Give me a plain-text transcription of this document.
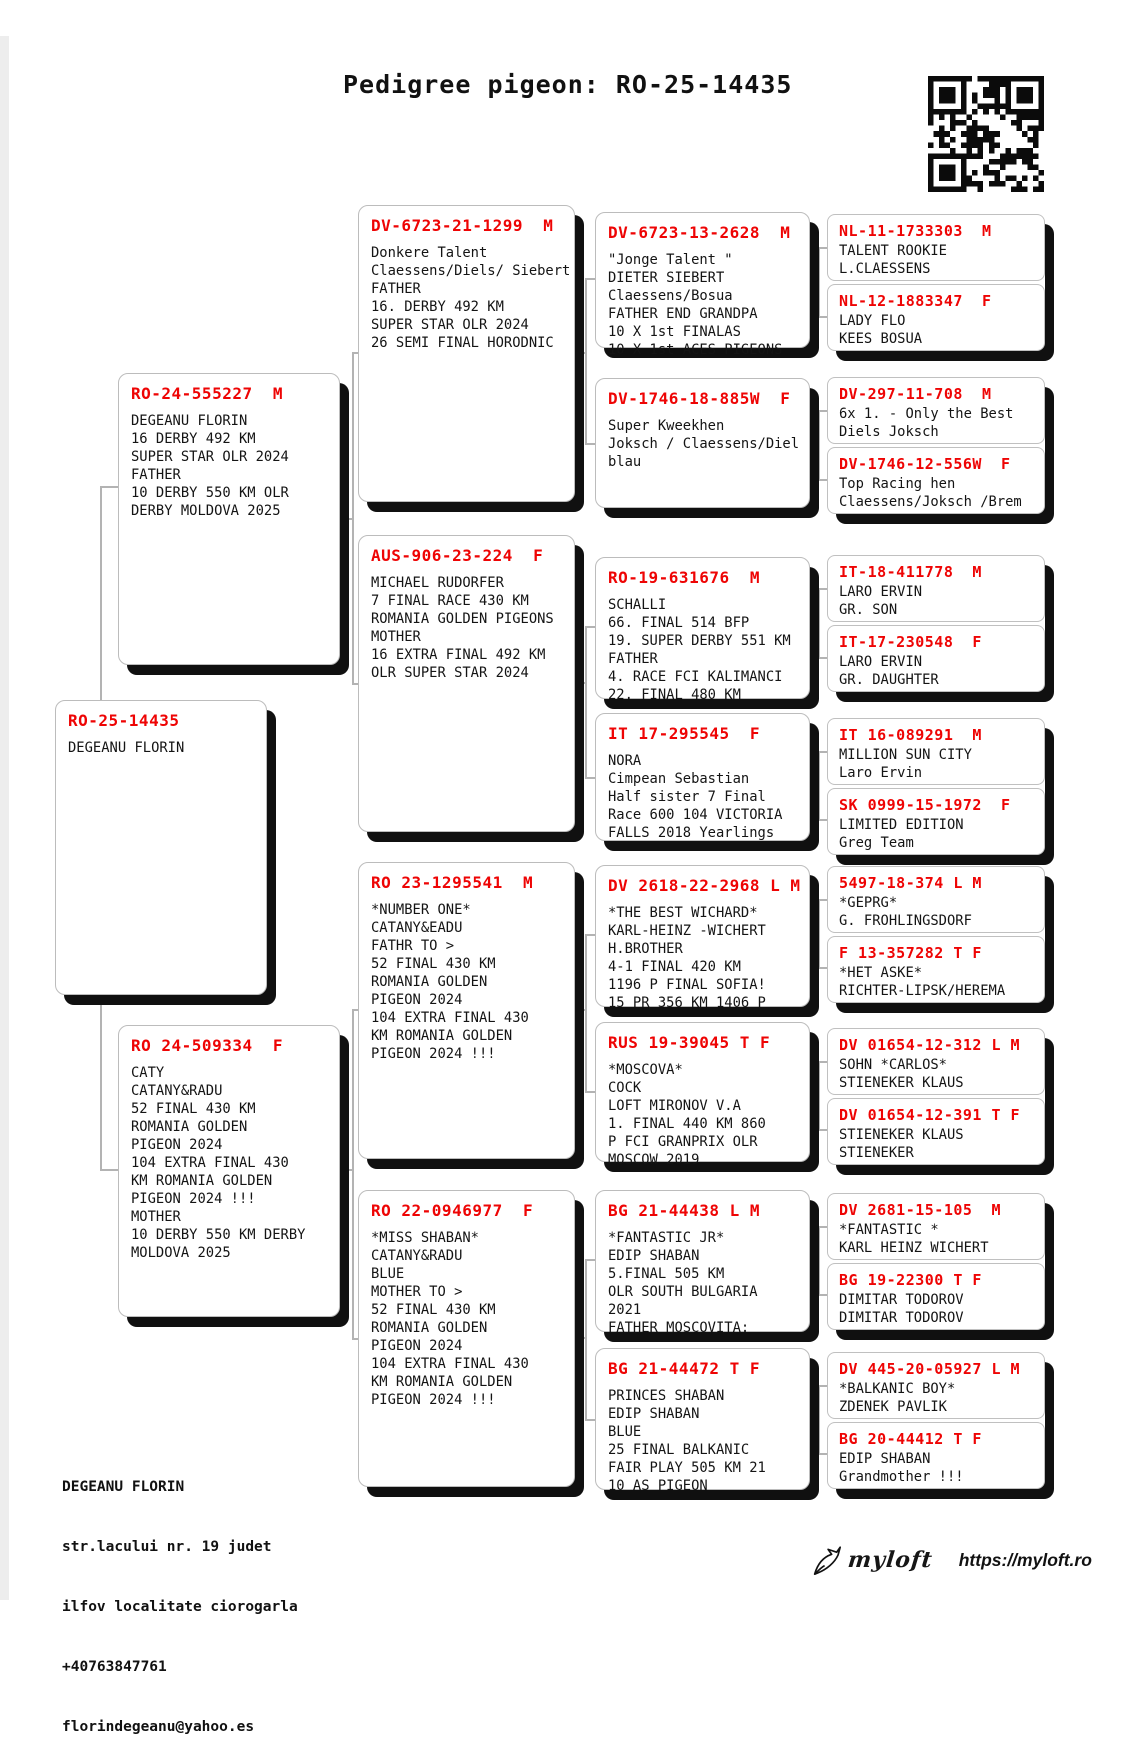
Pedigree pigeon: RO-25-14435
RO-25-14435
DEGEANU FLORIN
RO-24-555227  M
DEGEANU FLORIN
16 DERBY 492 KM
SUPER STAR OLR 2024
FATHER
10 DERBY 550 KM OLR
DERBY MOLDOVA 2025
RO 24-509334  F
CATY
CATANY&RADU
52 FINAL 430 KM
ROMANIA GOLDEN
PIGEON 2024
104 EXTRA FINAL 430
KM ROMANIA GOLDEN
PIGEON 2024 !!!
MOTHER
10 DERBY 550 KM DERBY
MOLDOVA 2025
DV-6723-21-1299  M
Donkere Talent
Claessens/Diels/ Siebert
FATHER
16. DERBY 492 KM
SUPER STAR OLR 2024
26 SEMI FINAL HORODNIC
AUS-906-23-224  F
MICHAEL RUDORFER
7 FINAL RACE 430 KM
ROMANIA GOLDEN PIGEONS
MOTHER
16 EXTRA FINAL 492 KM
OLR SUPER STAR 2024
RO 23-1295541  M
*NUMBER ONE*
CATANY&EADU
FATHR TO >
52 FINAL 430 KM
ROMANIA GOLDEN
PIGEON 2024
104 EXTRA FINAL 430
KM ROMANIA GOLDEN
PIGEON 2024 !!!
RO 22-0946977  F
*MISS SHABAN*
CATANY&RADU
BLUE
MOTHER TO >
52 FINAL 430 KM
ROMANIA GOLDEN
PIGEON 2024
104 EXTRA FINAL 430
KM ROMANIA GOLDEN
PIGEON 2024 !!!
DV-6723-13-2628  M
"Jonge Talent "
DIETER SIEBERT
Claessens/Bosua
FATHER END GRANDPA
10 X 1st FINALAS
10 X 1st ACES PIGEONS
DV-1746-18-885W  F
Super Kweekhen
Joksch / Claessens/Diel
blau
RO-19-631676  M
SCHALLI
66. FINAL 514 BFP
19. SUPER DERBY 551 KM
FATHER
4. RACE FCI KALIMANCI
22. FINAL 480 KM
IT 17-295545  F
NORA
Cimpean Sebastian
Half sister 7 Final
Race 600 104 VICTORIA
FALLS 2018 Yearlings
DV 2618-22-2968 L M
*THE BEST WICHARD*
KARL-HEINZ -WICHERT
H.BROTHER
4-1 FINAL 420 KM
1196 P FINAL SOFIA!
15 PR 356 KM 1406 P
RUS 19-39045 T F
*MOSCOVA*
COCK
LOFT MIRONOV V.A
1. FINAL 440 KM 860
P FCI GRANPRIX OLR
MOSCOW 2019
BG 21-44438 L M
*FANTASTIC JR*
EDIP SHABAN
5.FINAL 505 KM
OLR SOUTH BULGARIA
2021
FATHER MOSCOVITA:
BG 21-44472 T F
PRINCES SHABAN
EDIP SHABAN
BLUE
25 FINAL BALKANIC
FAIR PLAY 505 KM 21
10 AS PIGEON
NL-11-1733303  M
TALENT ROOKIE
L.CLAESSENS
NL-12-1883347  F
LADY FLO
KEES BOSUA
DV-297-11-708  M
6x 1. - Only the Best
Diels Joksch
DV-1746-12-556W  F
Top Racing hen
Claessens/Joksch /Brem
IT-18-411778  M
LARO ERVIN
GR. SON
IT-17-230548  F
LARO ERVIN
GR. DAUGHTER
IT 16-089291  M
MILLION SUN CITY
Laro Ervin
SK 0999-15-1972  F
LIMITED EDITION
Greg Team
5497-18-374 L M
*GEPRG*
G. FROHLINGSDORF
F 13-357282 T F
*HET ASKE*
RICHTER-LIPSK/HEREMA
DV 01654-12-312 L M
SOHN *CARLOS*
STIENEKER KLAUS
DV 01654-12-391 T F
STIENEKER KLAUS
STIENEKER
DV 2681-15-105  M
*FANTASTIC *
KARL HEINZ WICHERT
BG 19-22300 T F
DIMITAR TODOROV
DIMITAR TODOROV
DV 445-20-05927 L M
*BALKANIC BOY*
ZDENEK PAVLIK
BG 20-44412 T F
EDIP SHABAN
Grandmother !!!

DEGEANU FLORIN

str.lacului nr. 19 judet

ilfov localitate ciorogarla

+40763847761

florindegeanu@yahoo.es

myloft https://myloft.ro
